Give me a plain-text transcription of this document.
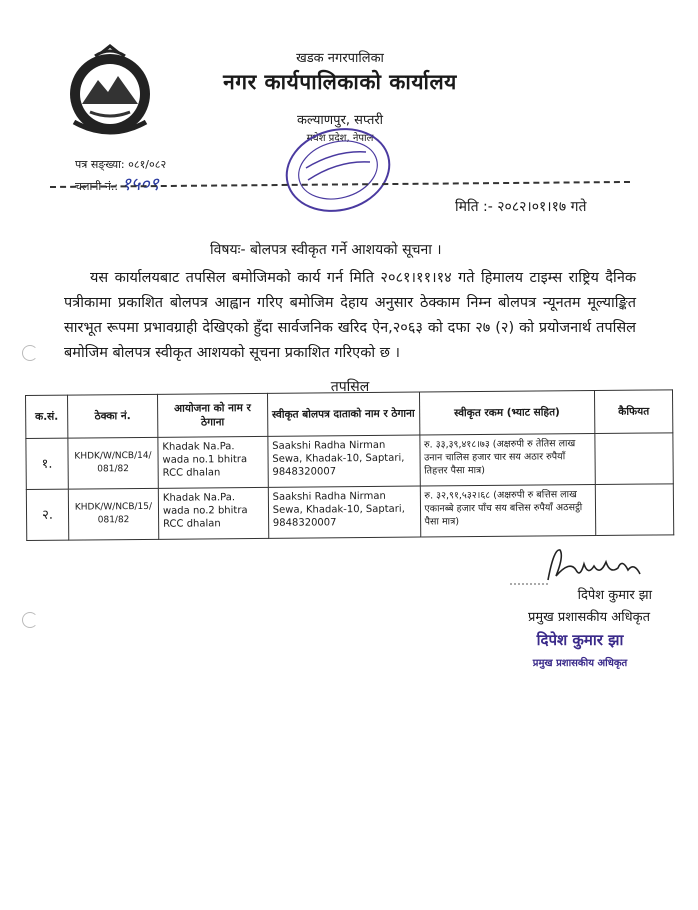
खडक नगरपालिका
नगर कार्यपालिकाको कार्यालय
कल्याणपुर, सप्तरी
मधेश प्रदेश, नेपाल
पत्र सङ्ख्या: ०८१/०८२
चलानी नं.: १५०९
मिति :- २०८२।०१।१७ गते
विषयः- बोलपत्र स्वीकृत गर्ने आशयको सूचना ।
यस कार्यालयबाट तपसिल बमोजिमको कार्य गर्न मिति २०८१।११।१४ गते हिमालय टाइम्स राष्ट्रिय दैनिक पत्रीकामा प्रकाशित बोलपत्र आह्वान गरिए बमोजिम देहाय अनुसार ठेक्काम निम्न बोलपत्र न्यूनतम मूल्याङ्कित सारभूत रूपमा प्रभावग्राही देखिएको हुँदा सार्वजनिक खरिद ऐन,२०६३ को दफा २७ (२) को प्रयोजनार्थ तपसिल बमोजिम बोलपत्र स्वीकृत आशयको सूचना प्रकाशित गरिएको छ ।
तपसिल
क.सं.	ठेक्का नं.	आयोजना को नाम र ठेगाना	स्वीकृत बोलपत्र दाताको नाम र ठेगाना	स्वीकृत रकम (भ्याट सहित)	कैफियत
१.	KHDK/W/NCB/14/ 081/82	Khadak Na.Pa. wada no.1 bhitra RCC dhalan	Saakshi Radha Nirman Sewa, Khadak-10, Saptari, 9848320007	रु. ३३,३९,४१८।७३ (अक्षरुपी रु तेतिस लाख उनान चालिस हजार चार सय अठार रुपैयाँ तिहत्तर पैसा मात्र)	
२.	KHDK/W/NCB/15/ 081/82	Khadak Na.Pa. wada no.2 bhitra RCC dhalan	Saakshi Radha Nirman Sewa, Khadak-10, Saptari, 9848320007	रु. ३२,९१,५३२।६८ (अक्षरुपी रु बत्तिस लाख एकानब्बे हजार पाँच सय बत्तिस रुपैयाँ अठसट्ठी पैसा मात्र)	
दिपेश कुमार झा
प्रमुख प्रशासकीय अधिकृत
दिपेश कुमार झा
प्रमुख प्रशासकीय अधिकृत
